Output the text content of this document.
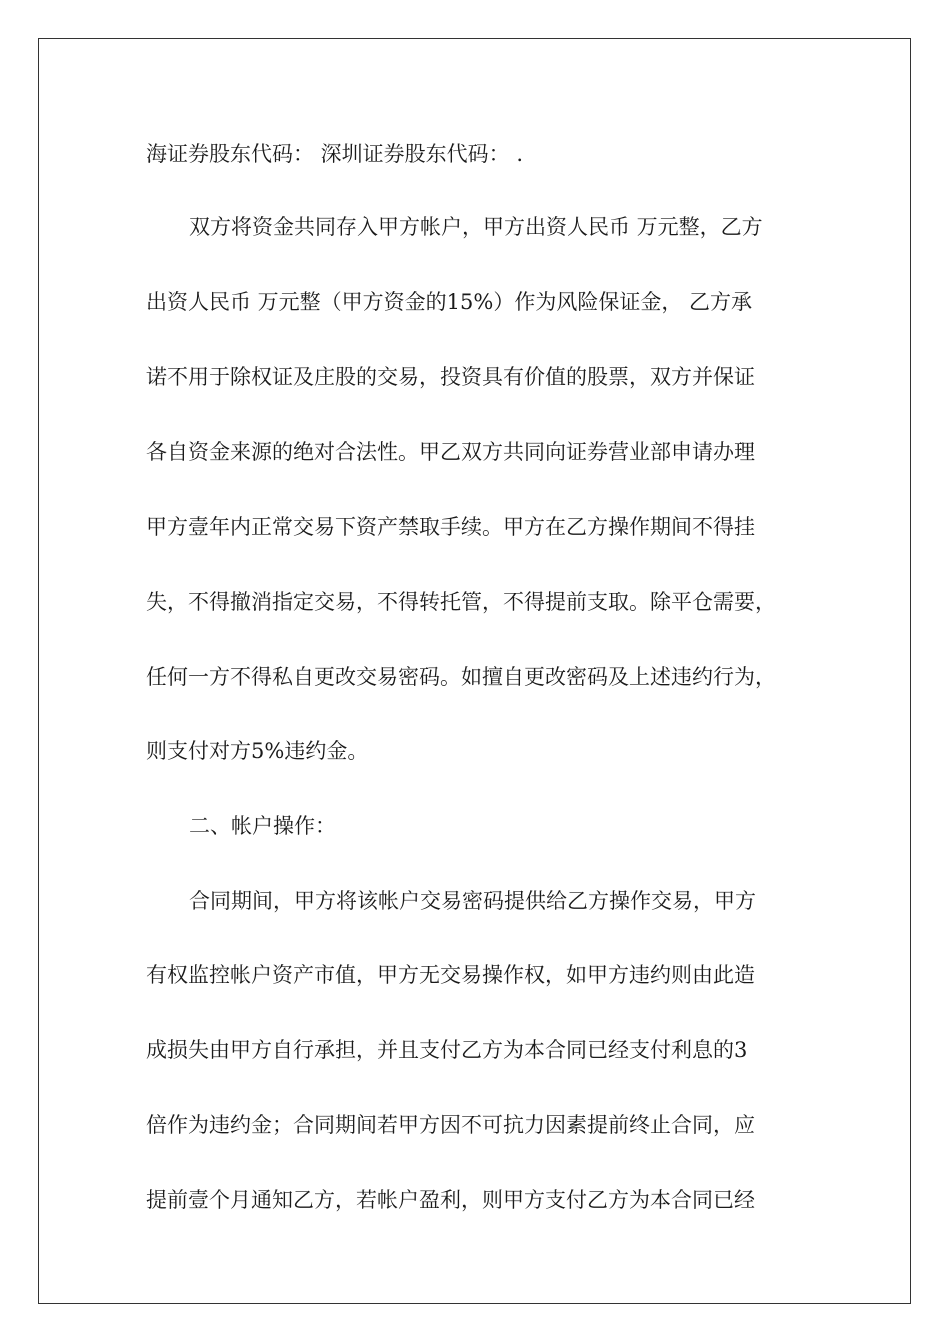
海证券股东代码： 深圳证券股东代码： .
双方将资金共同存入甲方帐户，甲方出资人民币 万元整，乙方
出资人民币 万元整（甲方资金的15%）作为风险保证金， 乙方承
诺不用于除权证及庄股的交易，投资具有价值的股票，双方并保证
各自资金来源的绝对合法性。甲乙双方共同向证券营业部申请办理
甲方壹年内正常交易下资产禁取手续。甲方在乙方操作期间不得挂
失，不得撤消指定交易，不得转托管，不得提前支取。除平仓需要，
任何一方不得私自更改交易密码。如擅自更改密码及上述违约行为，
则支付对方5%违约金。
二、帐户操作：
合同期间，甲方将该帐户交易密码提供给乙方操作交易，甲方
有权监控帐户资产市值，甲方无交易操作权，如甲方违约则由此造
成损失由甲方自行承担，并且支付乙方为本合同已经支付利息的3
倍作为违约金；合同期间若甲方因不可抗力因素提前终止合同，应
提前壹个月通知乙方，若帐户盈利，则甲方支付乙方为本合同已经
